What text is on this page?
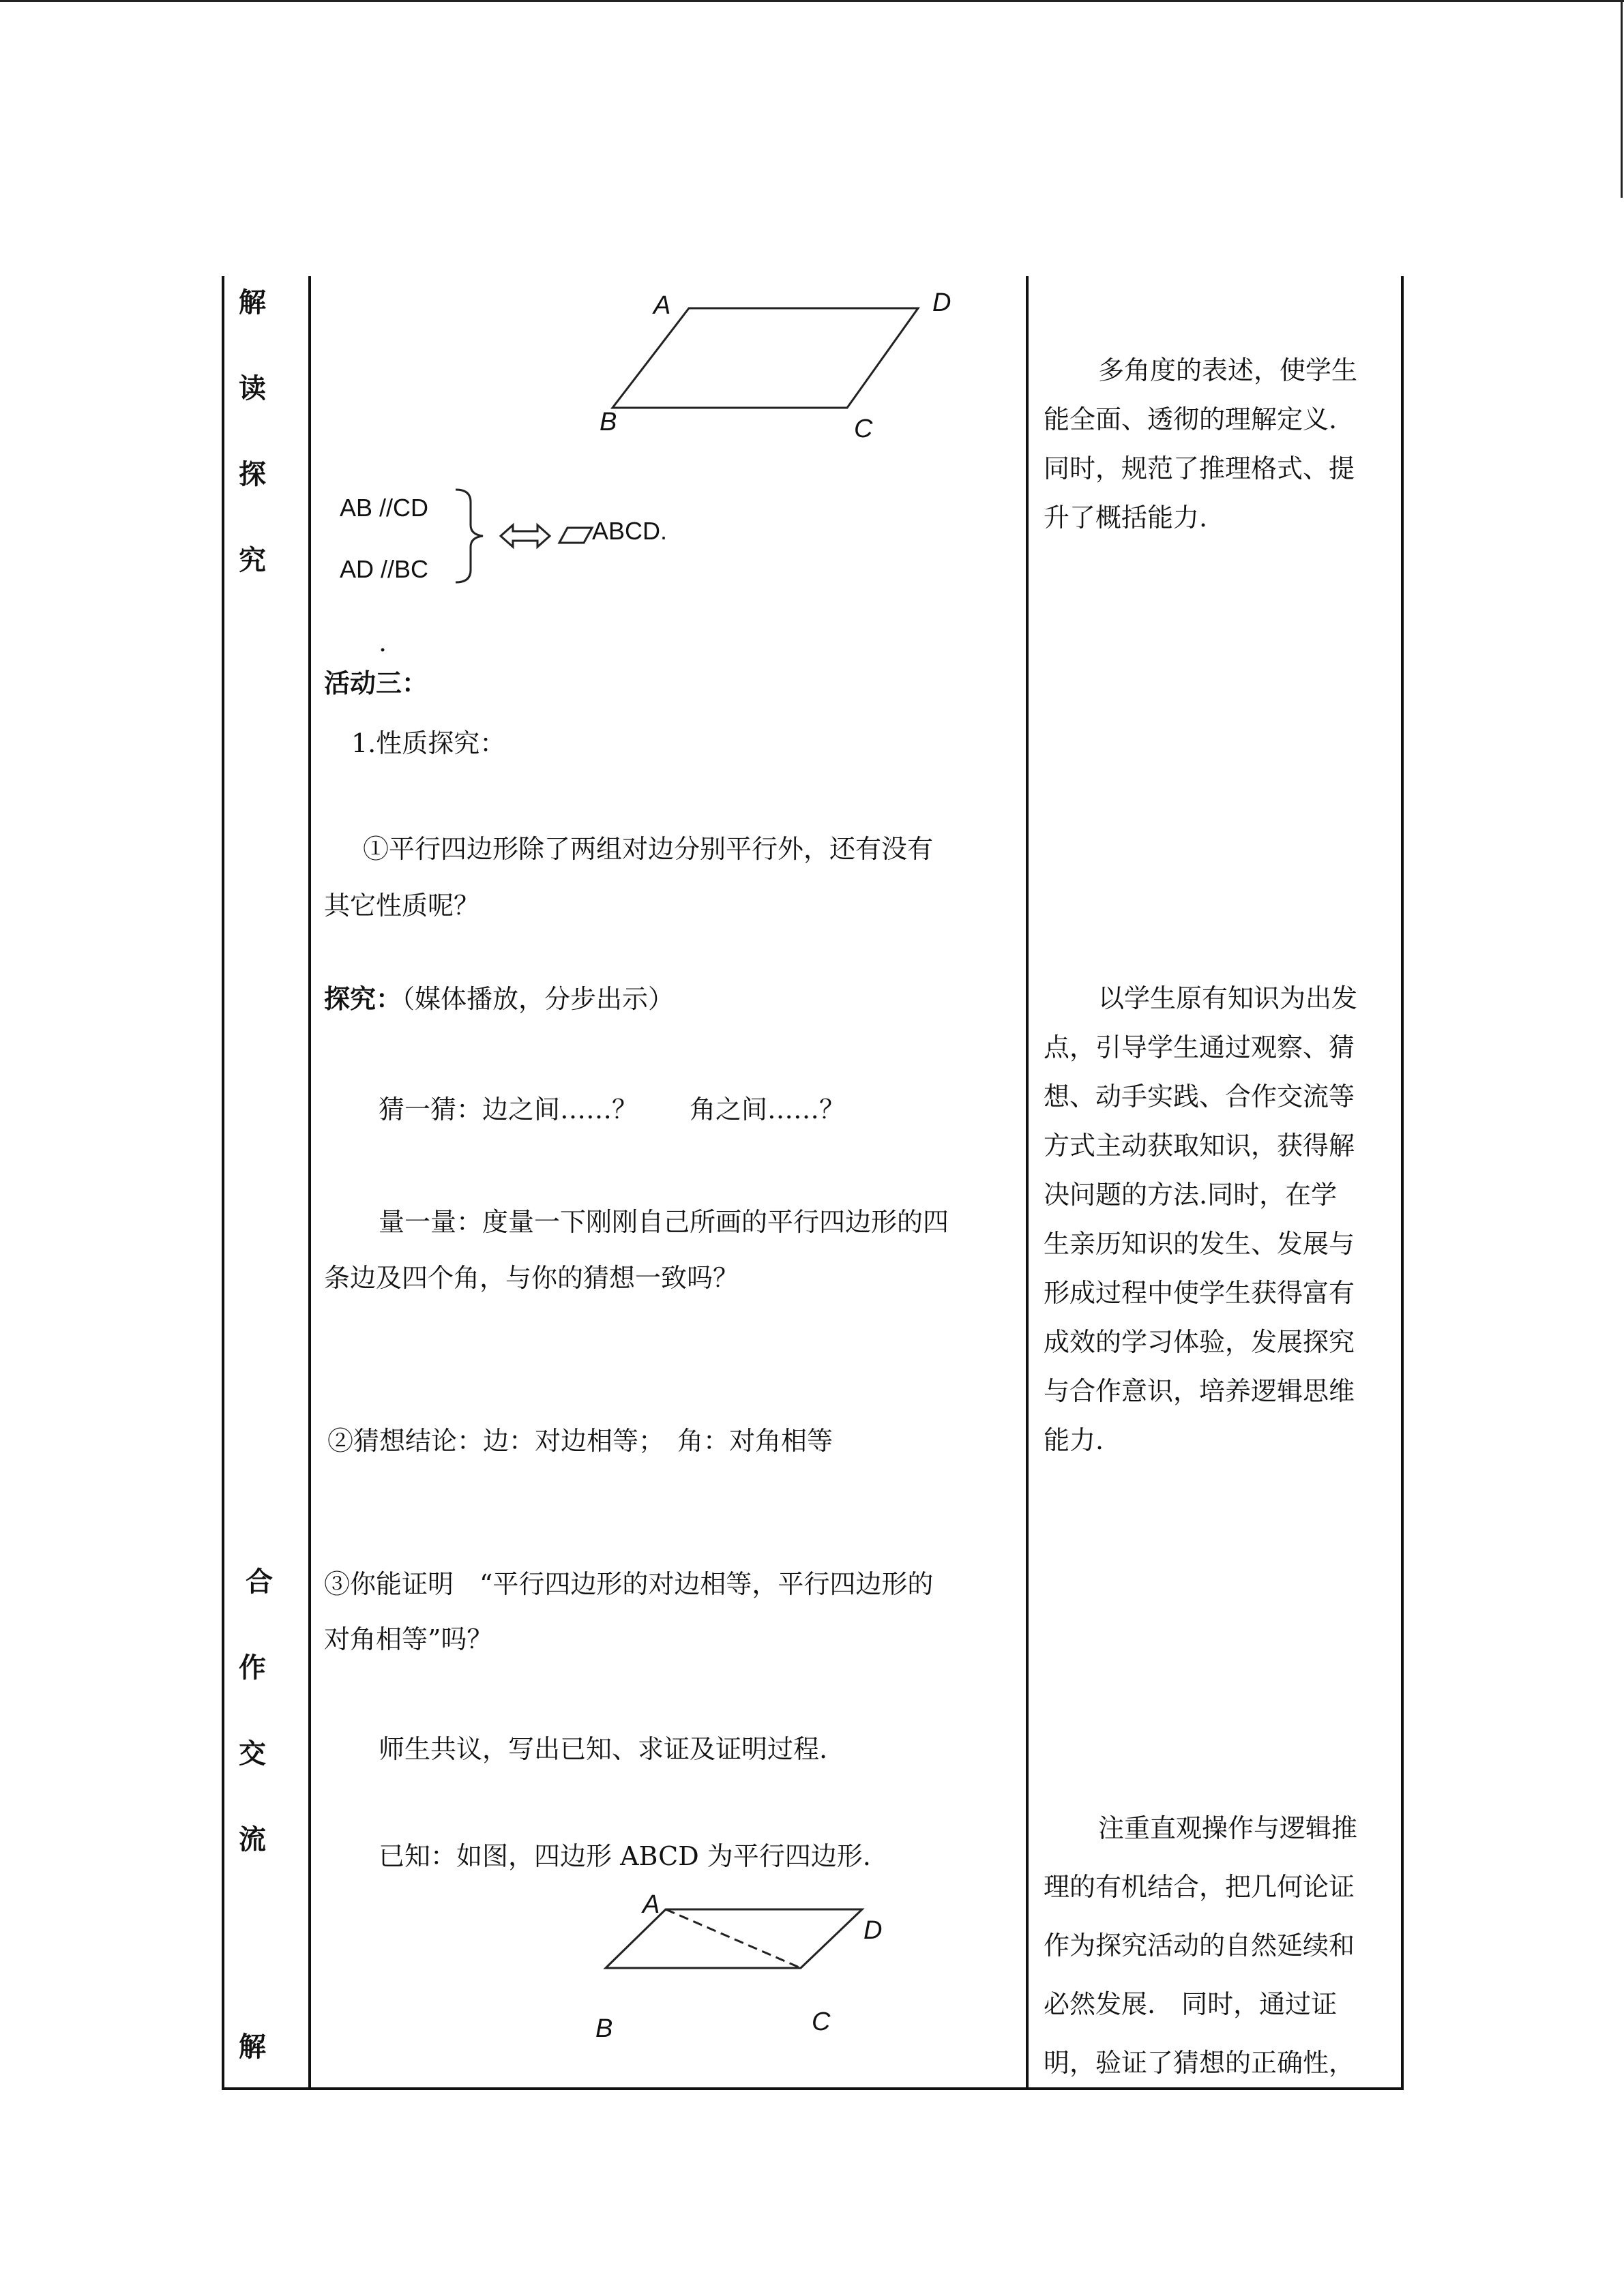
解
读
探
究
合
作
交
流
解
A	D
B	C
AB //CD
AD //BC
ABCD.
.
活动三：
1.性质探究：
①平行四边形除了两组对边分别平行外，还有没有
其它性质呢？
探究：（媒体播放，分步出示）
猜一猜：边之间……？　　角之间……？
量一量：度量一下刚刚自己所画的平行四边形的四
条边及四个角，与你的猜想一致吗？
②猜想结论：边：对边相等；　角：对角相等
③你能证明　“平行四边形的对边相等，平行四边形的
对角相等”吗？
师生共议，写出已知、求证及证明过程.
已知：如图，四边形 ABCD 为平行四边形.
A
D
B	C

多角度的表述，使学生

能全面、透彻的理解定义.

同时，规范了推理格式、提

升了概括能力.

以学生原有知识为出发

点，引导学生通过观察、猜

想、动手实践、合作交流等

方式主动获取知识，获得解

决问题的方法.同时，在学

生亲历知识的发生、发展与

形成过程中使学生获得富有

成效的学习体验，发展探究

与合作意识，培养逻辑思维

能力.

注重直观操作与逻辑推

理的有机结合，把几何论证

作为探究活动的自然延续和

必然发展.　同时，通过证

明，验证了猜想的正确性，
